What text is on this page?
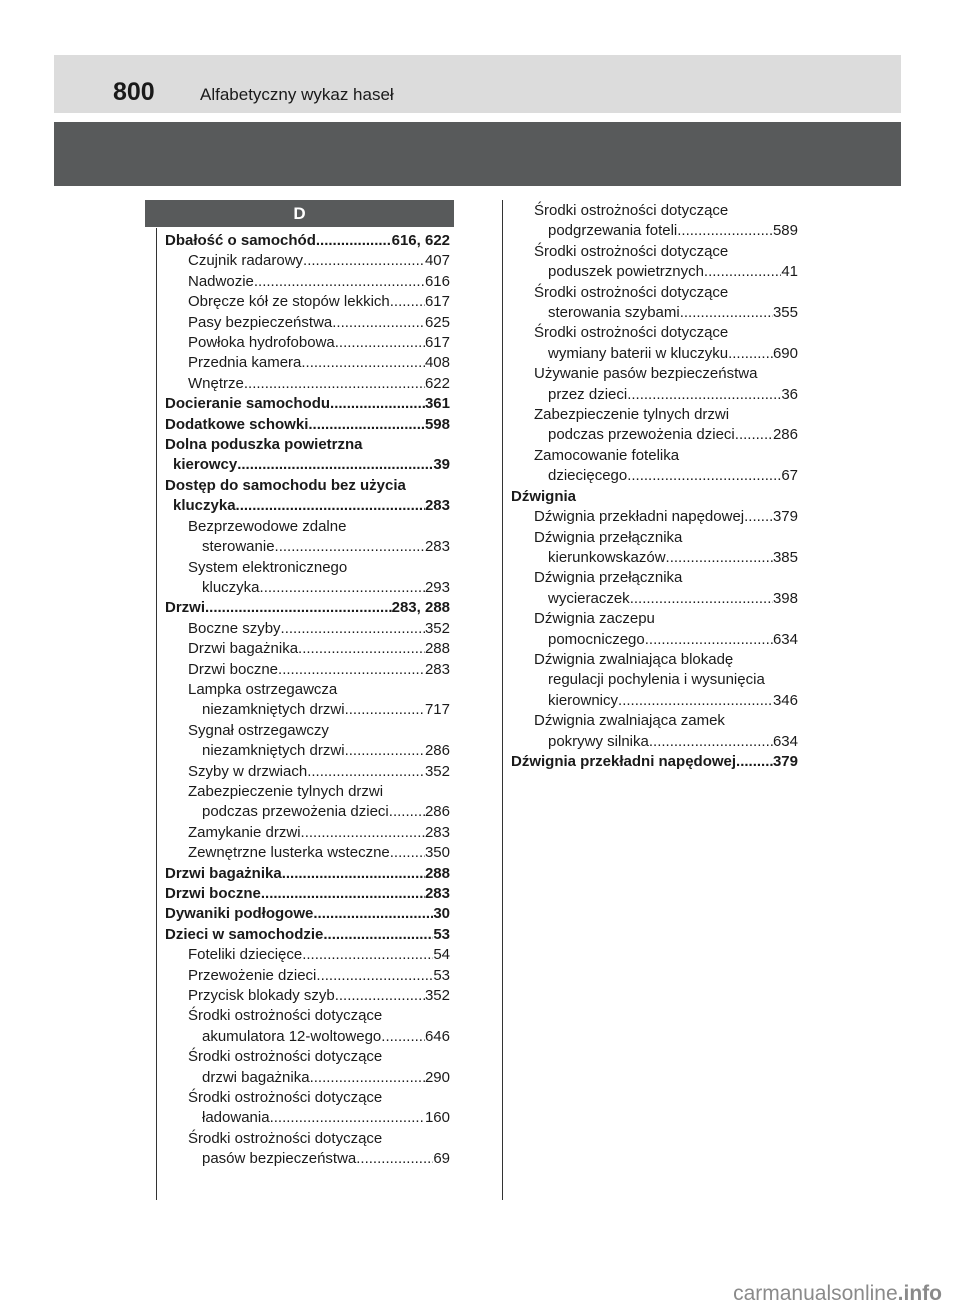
800	Alfabetyczny wykaz haseł
D
Dbałość o samochód .....	616, 622
Czujnik radarowy .....	407
Nadwozie .....	616
Obręcze kół ze stopów lekkich ..... 617
Pasy bezpieczeństwa .....	625
Powłoka hydrofobowa .....	617
Przednia kamera .....	408
Wnętrze .....	622
Docieranie samochodu .....	361
Dodatkowe schowki .....	598
Dolna poduszka powietrzna
kierowcy .....	39
Dostęp do samochodu bez użycia
kluczyka .....	283
Bezprzewodowe zdalne
sterowanie .....	283
System elektronicznego
kluczyka .....	293
Drzwi .....	283, 288
Boczne szyby .....	352
Drzwi bagażnika .....	288
Drzwi boczne .....	283
Lampka ostrzegawcza
niezamkniętych drzwi .....	717
Sygnał ostrzegawczy
niezamkniętych drzwi .....	286
Szyby w drzwiach .....	352
Zabezpieczenie tylnych drzwi
podczas przewożenia dzieci ..... 286
Zamykanie drzwi .....	283
Zewnętrzne lusterka wsteczne ..... 350
Drzwi bagażnika .....	288
Drzwi boczne .....	283
Dywaniki podłogowe .....	30
Dzieci w samochodzie .....	53
Foteliki dziecięce .....	54
Przewożenie dzieci .....	53
Przycisk blokady szyb .....	352
Środki ostrożności dotyczące
akumulatora 12-woltowego .....	646
Środki ostrożności dotyczące
drzwi bagażnika .....	290
Środki ostrożności dotyczące
ładowania .....	160
Środki ostrożności dotyczące
pasów bezpieczeństwa .....	69
Środki ostrożności dotyczące
podgrzewania foteli .....	589
Środki ostrożności dotyczące
poduszek powietrznych .....	41
Środki ostrożności dotyczące
sterowania szybami .....	355
Środki ostrożności dotyczące
wymiany baterii w kluczyku .....	690
Używanie pasów bezpieczeństwa
przez dzieci .....	36
Zabezpieczenie tylnych drzwi
podczas przewożenia dzieci .....	286
Zamocowanie fotelika
dziecięcego .....	67
Dźwignia
Dźwignia przekładni napędowej ..... 379
Dźwignia przełącznika
kierunkowskazów .....	385
Dźwignia przełącznika
wycieraczek .....	398
Dźwignia zaczepu
pomocniczego .....	634
Dźwignia zwalniająca blokadę
regulacji pochylenia i wysunięcia
kierownicy .....	346
Dźwignia zwalniająca zamek
pokrywy silnika .....	634
Dźwignia przekładni napędowej ..... 379
carmanualsonline.info
